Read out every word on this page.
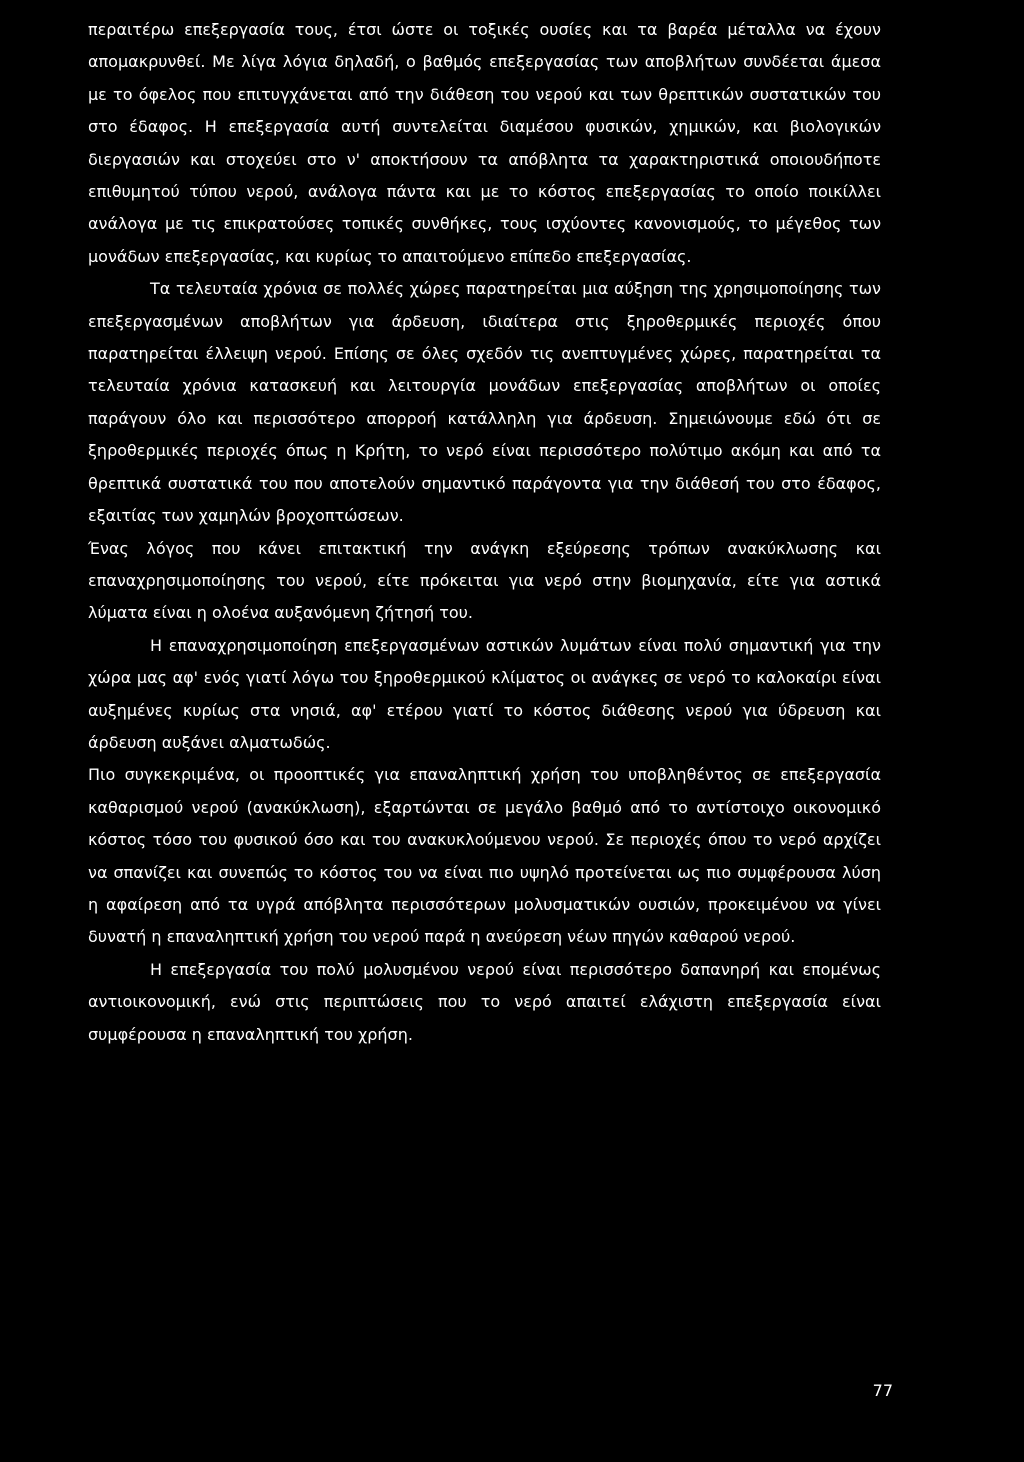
περαιτέρω επεξεργασία τους, έτσι ώστε οι τοξικές ουσίες και τα βαρέα μέταλλα να έχουν απομακρυνθεί. Με λίγα λόγια δηλαδή, ο βαθμός επεξεργασίας των αποβλήτων συνδέεται άμεσα με το όφελος που επιτυγχάνεται από την διάθεση του νερού και των θρεπτικών συστατικών του στο έδαφος. Η επεξεργασία αυτή συντελείται διαμέσου φυσικών, χημικών, και βιολογικών διεργασιών και στοχεύει στο ν' αποκτήσουν τα απόβλητα τα χαρακτηριστικά οποιουδήποτε επιθυμητού τύπου νερού, ανάλογα πάντα και με το κόστος επεξεργασίας το οποίο ποικίλλει ανάλογα με τις επικρατούσες τοπικές συνθήκες, τους ισχύοντες κανονισμούς, το μέγεθος των μονάδων επεξεργασίας, και κυρίως το απαιτούμενο επίπεδο επεξεργασίας.

Τα τελευταία χρόνια σε πολλές χώρες παρατηρείται μια αύξηση της χρησιμοποίησης των επεξεργασμένων αποβλήτων για άρδευση, ιδιαίτερα στις ξηροθερμικές περιοχές όπου παρατηρείται έλλειψη νερού. Επίσης σε όλες σχεδόν τις ανεπτυγμένες χώρες, παρατηρείται τα τελευταία χρόνια κατασκευή και λειτουργία μονάδων επεξεργασίας αποβλήτων οι οποίες παράγουν όλο και περισσότερο απορροή κατάλληλη για άρδευση. Σημειώνουμε εδώ ότι σε ξηροθερμικές περιοχές όπως η Κρήτη, το νερό είναι περισσότερο πολύτιμο ακόμη και από τα θρεπτικά συστατικά του που αποτελούν σημαντικό παράγοντα για την διάθεσή του στο έδαφος, εξαιτίας των χαμηλών βροχοπτώσεων.

Ένας λόγος που κάνει επιτακτική την ανάγκη εξεύρεσης τρόπων ανακύκλωσης και επαναχρησιμοποίησης του νερού, είτε πρόκειται για νερό στην βιομηχανία, είτε για αστικά λύματα είναι η ολοένα αυξανόμενη ζήτησή του.

Η επαναχρησιμοποίηση επεξεργασμένων αστικών λυμάτων είναι πολύ σημαντική για την χώρα μας αφ' ενός γιατί λόγω του ξηροθερμικού κλίματος οι ανάγκες σε νερό το καλοκαίρι είναι αυξημένες κυρίως στα νησιά, αφ' ετέρου γιατί το κόστος διάθεσης νερού για ύδρευση και άρδευση αυξάνει αλματωδώς.

Πιο συγκεκριμένα, οι προοπτικές για επαναληπτική χρήση του υποβληθέντος σε επεξεργασία καθαρισμού νερού (ανακύκλωση), εξαρτώνται σε μεγάλο βαθμό από το αντίστοιχο οικονομικό κόστος τόσο του φυσικού όσο και του ανακυκλούμενου νερού. Σε περιοχές όπου το νερό αρχίζει να σπανίζει και συνεπώς το κόστος του να είναι πιο υψηλό προτείνεται ως πιο συμφέρουσα λύση η αφαίρεση από τα υγρά απόβλητα περισσότερων μολυσματικών ουσιών, προκειμένου να γίνει δυνατή η επαναληπτική χρήση του νερού παρά η ανεύρεση νέων πηγών καθαρού νερού.

Η επεξεργασία του πολύ μολυσμένου νερού είναι περισσότερο δαπανηρή και επομένως αντιοικονομική, ενώ στις περιπτώσεις που το νερό απαιτεί ελάχιστη επεξεργασία είναι συμφέρουσα η επαναληπτική του χρήση.

77
